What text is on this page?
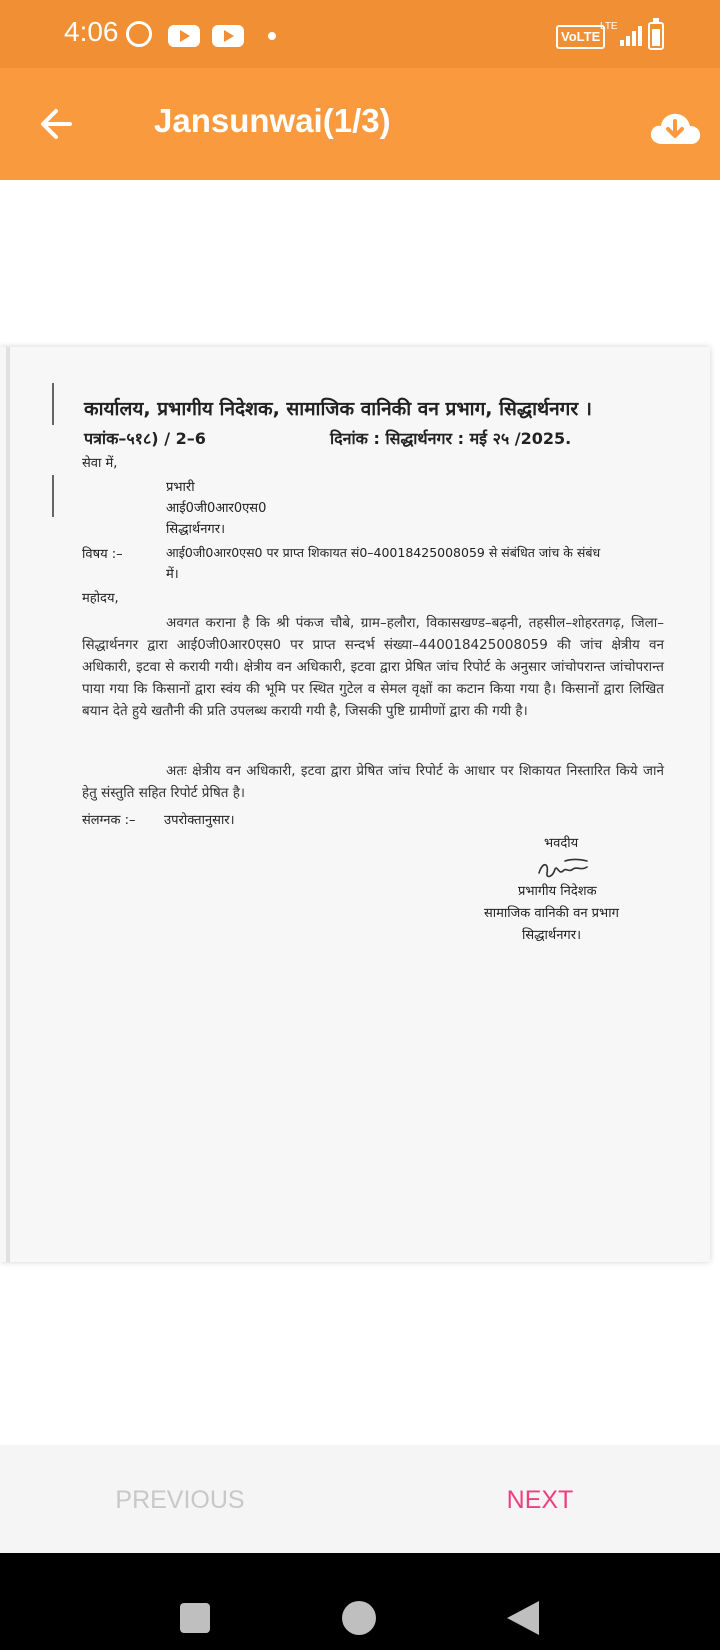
4:06	VoLTE
LTE
Jansunwai(1/3)
कार्यालय, प्रभागीय निदेशक, सामाजिक वानिकी वन प्रभाग, सिद्धार्थनगर ।
पत्रांक–५१८) / 2–6	दिनांक : सिद्धार्थनगर : मई २५ /2025.
सेवा में,
प्रभारी
आई0जी0आर0एस0
सिद्धार्थनगर।
विषय :–	आई0जी0आर0एस0 पर प्राप्त शिकायत सं0–40018425008059 से संबंधित जांच के संबंध
में।
महोदय,
अवगत कराना है कि श्री पंकज चौबे, ग्राम–हलौरा, विकासखण्ड–बढ़नी, तहसील–शोहरतगढ़, जिला–सिद्धार्थनगर द्वारा आई0जी0आर0एस0 पर प्राप्त सन्दर्भ संख्या–440018425008059 की जांच क्षेत्रीय वन अधिकारी, इटवा से करायी गयी। क्षेत्रीय वन अधिकारी, इटवा द्वारा प्रेषित जांच रिपोर्ट के अनुसार जांचोपरान्त जांचोपरान्त पाया गया कि किसानों द्वारा स्वंय की भूमि पर स्थित गुटेल व सेमल वृक्षों का कटान किया गया है। किसानों द्वारा लिखित बयान देते हुये खतौनी की प्रति उपलब्ध करायी गयी है, जिसकी पुष्टि ग्रामीणों द्वारा की गयी है।
अतः क्षेत्रीय वन अधिकारी, इटवा द्वारा प्रेषित जांच रिपोर्ट के आधार पर शिकायत निस्तारित किये जाने हेतु संस्तुति सहित रिपोर्ट प्रेषित है।
संलग्नक :– उपरोक्तानुसार।
भवदीय
प्रभागीय निदेशक
सामाजिक वानिकी वन प्रभाग
सिद्धार्थनगर।
PREVIOUS	NEXT
